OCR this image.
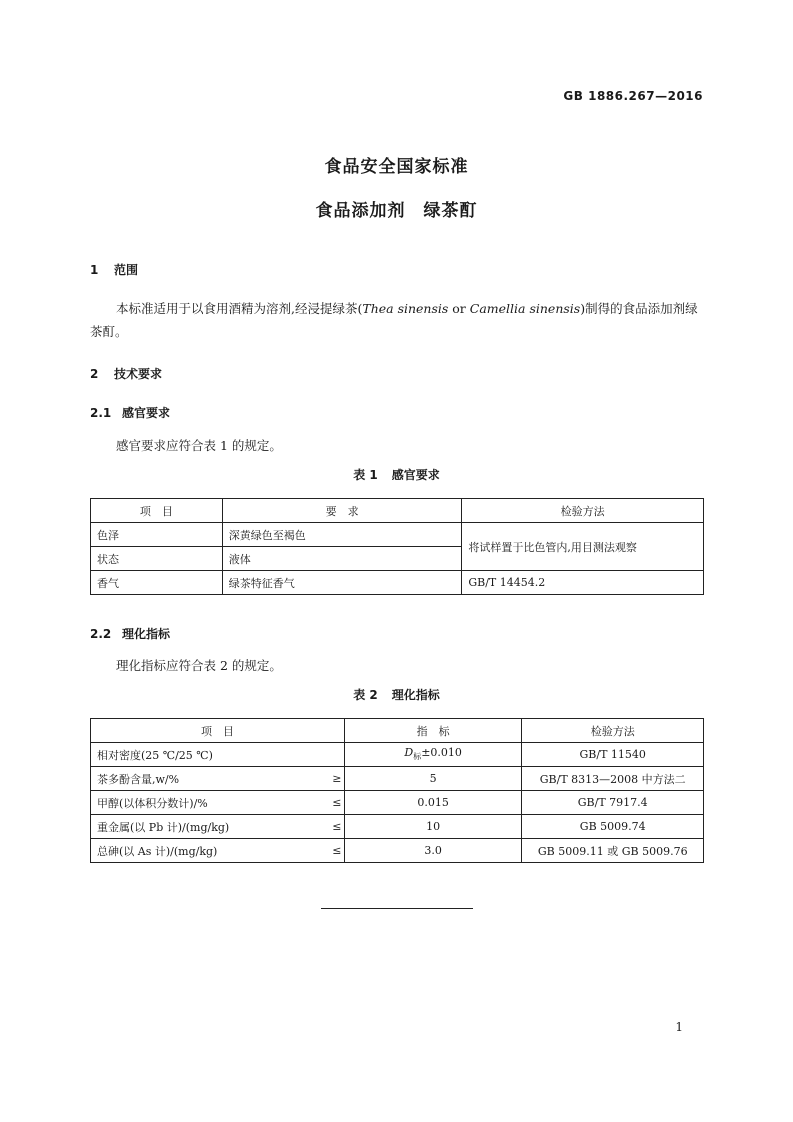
GB 1886.267—2016
食品安全国家标准
食品添加剂　绿茶酊
1 范围
本标准适用于以食用酒精为溶剂,经浸提绿茶(Thea sinensis or Camellia sinensis)制得的食品添加剂绿茶酊。
2 技术要求
2.1 感官要求
感官要求应符合表 1 的规定。
表 1 感官要求
项　目	要　求	检验方法
色泽	深黄绿色至褐色	将试样置于比色管内,用目测法观察
状态	液体	
香气	绿茶特征香气	GB/T 14454.2
2.2 理化指标
理化指标应符合表 2 的规定。
表 2 理化指标
项　目		指　标	检验方法
相对密度(25 ℃/25 ℃)		$D_标\pm 0.010$	GB/T 11540
茶多酚含量,w/%	≥	5	GB/T 8313—2008 中方法二
甲醇(以体积分数计)/%	≤	0.015	GB/T 7917.4
重金属(以 Pb 计)/(mg/kg)	≤	10	GB 5009.74
总砷(以 As 计)/(mg/kg)	≤	3.0	GB 5009.11 或 GB 5009.76
1
